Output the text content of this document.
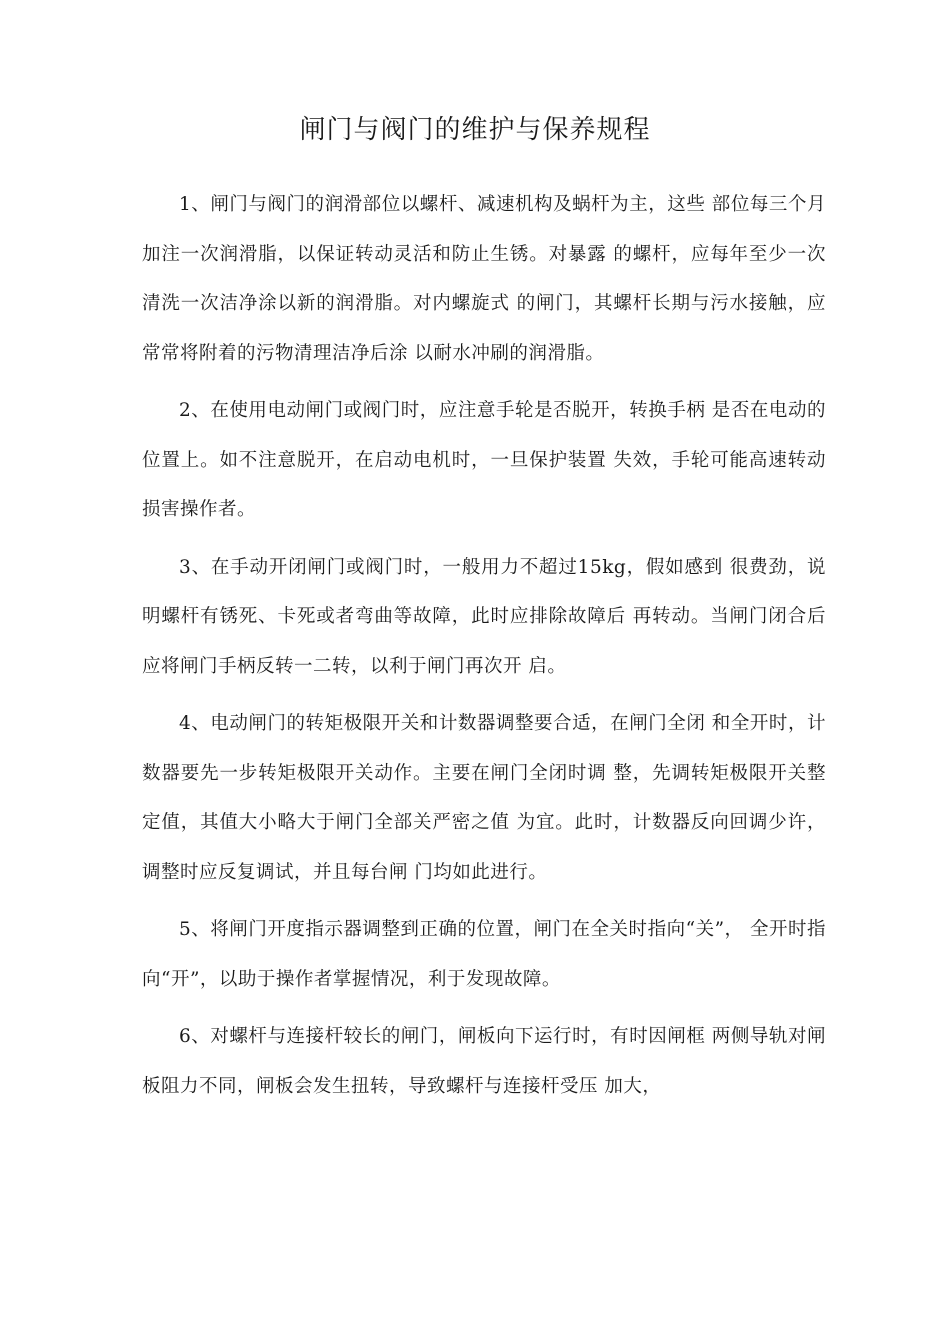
闸门与阀门的维护与保养规程

1、闸门与阀门的润滑部位以螺杆、减速机构及蜗杆为主，这些 部位每三个月加注一次润滑脂，以保证转动灵活和防止生锈。对暴露 的螺杆，应每年至少一次清洗一次洁净涂以新的润滑脂。对内螺旋式 的闸门，其螺杆长期与污水接触，应常常将附着的污物清理洁净后涂 以耐水冲刷的润滑脂。

2、在使用电动闸门或阀门时，应注意手轮是否脱开，转换手柄 是否在电动的位置上。如不注意脱开，在启动电机时，一旦保护装置 失效，手轮可能高速转动损害操作者。

3、在手动开闭闸门或阀门时，一般用力不超过15kg，假如感到 很费劲，说明螺杆有锈死、卡死或者弯曲等故障，此时应排除故障后 再转动。当闸门闭合后应将闸门手柄反转一二转，以利于闸门再次开 启。

4、电动闸门的转矩极限开关和计数器调整要合适，在闸门全闭 和全开时，计数器要先一步转矩极限开关动作。主要在闸门全闭时调 整，先调转矩极限开关整定值，其值大小略大于闸门全部关严密之值 为宜。此时，计数器反向回调少许，调整时应反复调试，并且每台闸 门均如此进行。

5、将闸门开度指示器调整到正确的位置，闸门在全关时指向“关”， 全开时指向“开”，以助于操作者掌握情况，利于发现故障。

6、对螺杆与连接杆较长的闸门，闸板向下运行时，有时因闸框 两侧导轨对闸板阻力不同，闸板会发生扭转，导致螺杆与连接杆受压 加大，
